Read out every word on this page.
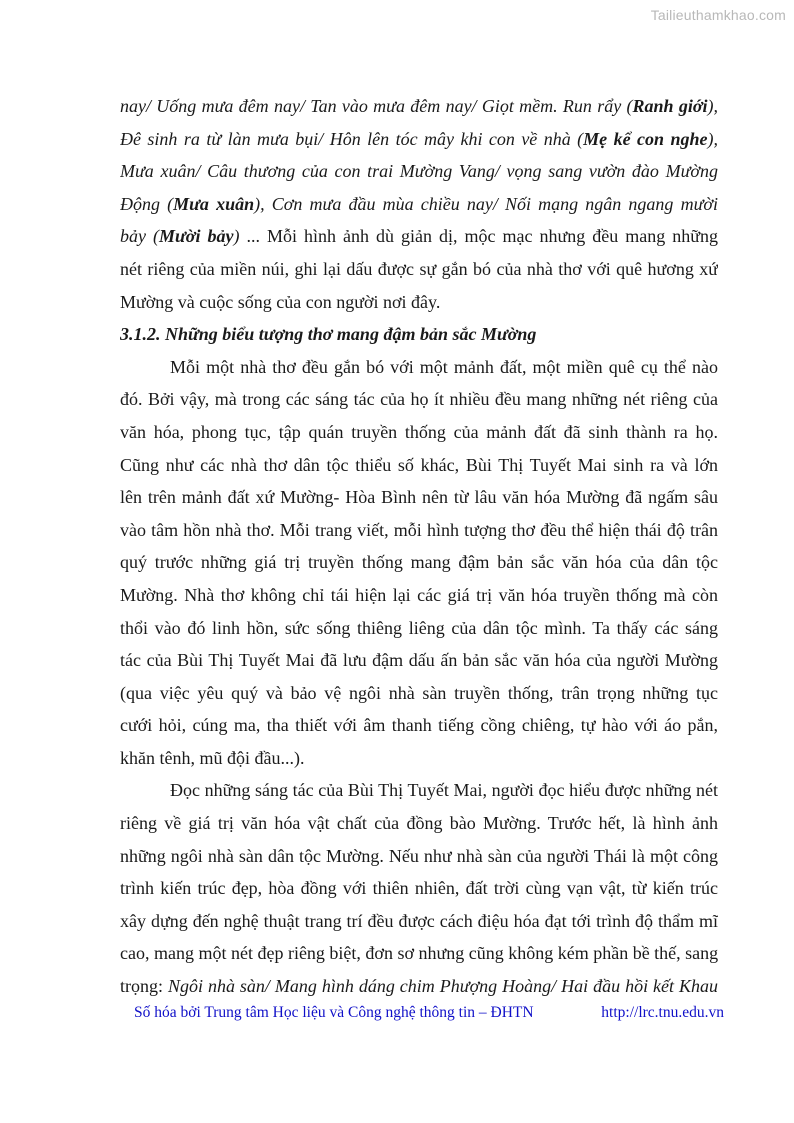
Tailieuthamkhao.com
nay/ Uống mưa đêm nay/ Tan vào mưa đêm nay/ Giọt mềm. Run rẩy (Ranh giới),
Đê sinh ra từ làn mưa bụi/ Hôn lên tóc mây khi con về nhà (Mẹ kể con nghe),
Mưa xuân/ Câu thương của con trai Mường Vang/ vọng sang vườn đào Mường
Động (Mưa xuân), Cơn mưa đầu mùa chiều nay/ Nối mạng ngân ngang mười
bảy (Mười bảy) ... Mỗi hình ảnh dù giản dị, mộc mạc nhưng đều mang những
nét riêng của miền núi, ghi lại dấu được sự gắn bó của nhà thơ với quê hương xứ
Mường và cuộc sống của con người nơi đây.
3.1.2. Những biểu tượng thơ mang đậm bản sắc Mường
Mỗi một nhà thơ đều gắn bó với một mảnh đất, một miền quê cụ thể nào
đó. Bởi vậy, mà trong các sáng tác của họ ít nhiều đều mang những nét riêng của
văn hóa, phong tục, tập quán truyền thống của mảnh đất đã sinh thành ra họ.
Cũng như các nhà thơ dân tộc thiểu số khác, Bùi Thị Tuyết Mai sinh ra và lớn
lên trên mảnh đất xứ Mường- Hòa Bình nên từ lâu văn hóa Mường đã ngấm sâu
vào tâm hồn nhà thơ. Mỗi trang viết, mỗi hình tượng thơ đều thể hiện thái độ trân
quý trước những giá trị truyền thống mang đậm bản sắc văn hóa của dân tộc
Mường. Nhà thơ không chỉ tái hiện lại các giá trị văn hóa truyền thống mà còn
thổi vào đó linh hồn, sức sống thiêng liêng của dân tộc mình. Ta thấy các sáng
tác của Bùi Thị Tuyết Mai đã lưu đậm dấu ấn bản sắc văn hóa của người Mường
(qua việc yêu quý và bảo vệ ngôi nhà sàn truyền thống, trân trọng những tục
cưới hỏi, cúng ma, tha thiết với âm thanh tiếng cồng chiêng, tự hào với áo pắn,
khăn tênh, mũ đội đầu...).
Đọc những sáng tác của Bùi Thị Tuyết Mai, người đọc hiểu được những nét
riêng về giá trị văn hóa vật chất của đồng bào Mường. Trước hết, là hình ảnh
những ngôi nhà sàn dân tộc Mường. Nếu như nhà sàn của người Thái là một công
trình kiến trúc đẹp, hòa đồng với thiên nhiên, đất trời cùng vạn vật, từ kiến trúc
xây dựng đến nghệ thuật trang trí đều được cách điệu hóa đạt tới trình độ thẩm mĩ
cao, mang một nét đẹp riêng biệt, đơn sơ nhưng cũng không kém phần bề thế, sang
trọng: Ngôi nhà sàn/ Mang hình dáng chim Phượng Hoàng/ Hai đầu hồi kết Khau
Số hóa bởi Trung tâm Học liệu và Công nghệ thông tin – ĐHTN	http://lrc.tnu.edu.vn
